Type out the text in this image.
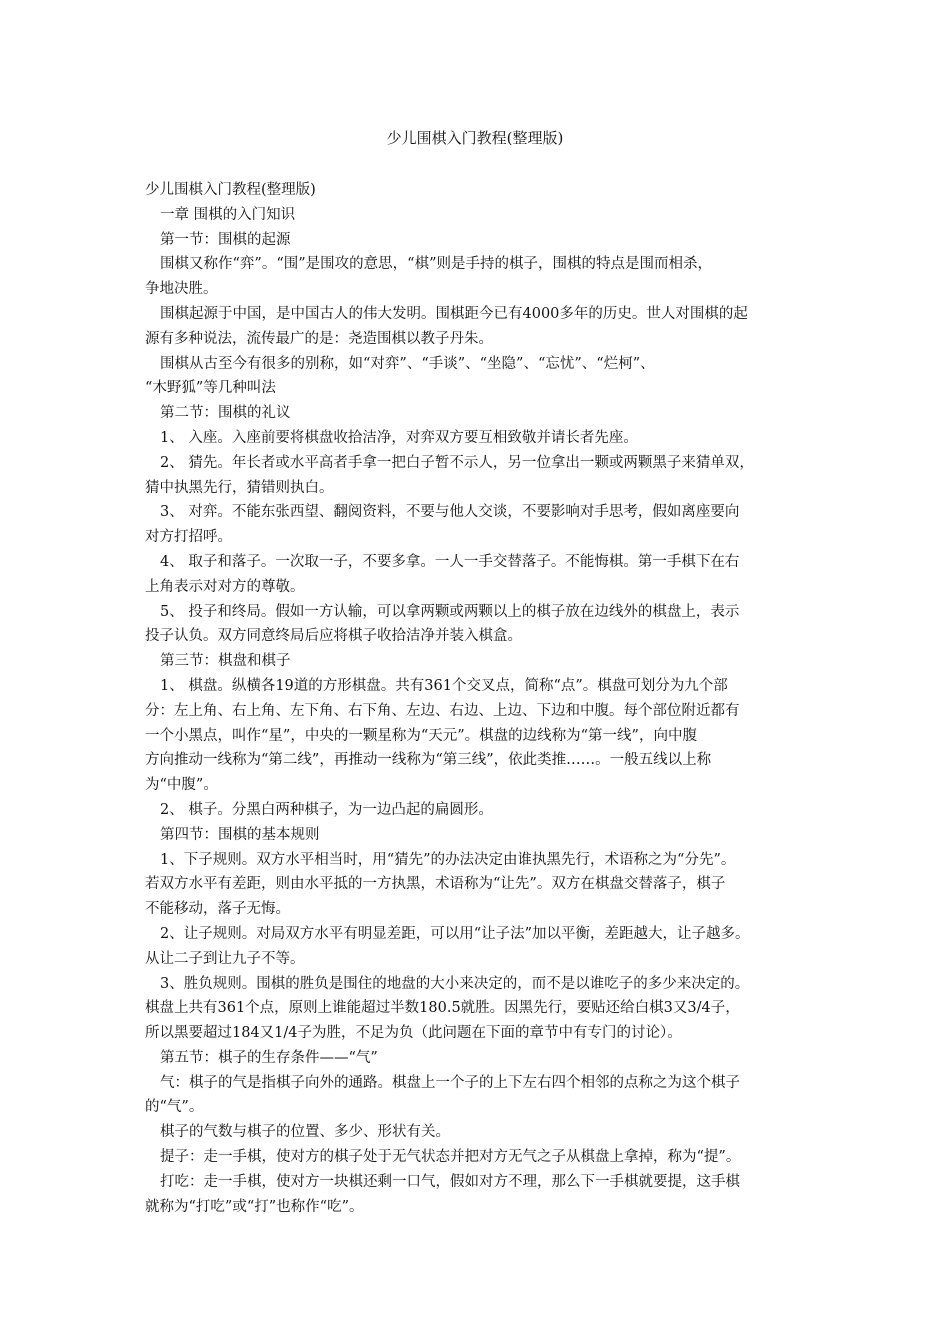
少儿围棋入门教程(整理版)

少儿围棋入门教程(整理版)

一章 围棋的入门知识

第一节：围棋的起源

围棋又称作“弈”。“围”是围攻的意思，“棋”则是手持的棋子，围棋的特点是围而相杀，

争地决胜。

围棋起源于中国，是中国古人的伟大发明。围棋距今已有4000多年的历史。世人对围棋的起

源有多种说法，流传最广的是：尧造围棋以教子丹朱。

围棋从古至今有很多的别称，如“对弈”、“手谈”、“坐隐”、“忘忧”、“烂柯”、

“木野狐”等几种叫法

第二节：围棋的礼议

1、 入座。入座前要将棋盘收拾洁净，对弈双方要互相致敬并请长者先座。

2、 猜先。年长者或水平高者手拿一把白子暂不示人，另一位拿出一颗或两颗黑子来猜单双，

猜中执黑先行，猜错则执白。

3、 对弈。不能东张西望、翻阅资料，不要与他人交谈，不要影响对手思考，假如离座要向

对方打招呼。

4、 取子和落子。一次取一子，不要多拿。一人一手交替落子。不能悔棋。第一手棋下在右

上角表示对对方的尊敬。

5、 投子和终局。假如一方认输，可以拿两颗或两颗以上的棋子放在边线外的棋盘上，表示

投子认负。双方同意终局后应将棋子收拾洁净并装入棋盒。

第三节：棋盘和棋子

1、 棋盘。纵横各19道的方形棋盘。共有361个交叉点，简称“点”。棋盘可划分为九个部

分：左上角、右上角、左下角、右下角、左边、右边、上边、下边和中腹。每个部位附近都有

一个小黑点，叫作“星”，中央的一颗星称为“天元”。棋盘的边线称为“第一线”，向中腹

方向推动一线称为“第二线”，再推动一线称为“第三线”，依此类推……。一般五线以上称

为“中腹”。

2、 棋子。分黑白两种棋子，为一边凸起的扁圆形。

第四节：围棋的基本规则

1、下子规则。双方水平相当时，用“猜先”的办法决定由谁执黑先行，术语称之为“分先”。

若双方水平有差距，则由水平抵的一方执黑，术语称为“让先”。双方在棋盘交替落子，棋子

不能移动，落子无悔。

2、让子规则。对局双方水平有明显差距，可以用“让子法”加以平衡，差距越大，让子越多。

从让二子到让九子不等。

3、胜负规则。围棋的胜负是围住的地盘的大小来决定的，而不是以谁吃子的多少来决定的。

棋盘上共有361个点，原则上谁能超过半数180.5就胜。因黑先行，要贴还给白棋3又3/4子，

所以黑要超过184又1/4子为胜，不足为负（此问题在下面的章节中有专门的讨论）。

第五节：棋子的生存条件——“气”

气：棋子的气是指棋子向外的通路。棋盘上一个子的上下左右四个相邻的点称之为这个棋子

的“气”。

棋子的气数与棋子的位置、多少、形状有关。

提子：走一手棋，使对方的棋子处于无气状态并把对方无气之子从棋盘上拿掉，称为“提”。

打吃：走一手棋，使对方一块棋还剩一口气，假如对方不理，那么下一手棋就要提，这手棋

就称为“打吃”或“打”也称作“吃”。
